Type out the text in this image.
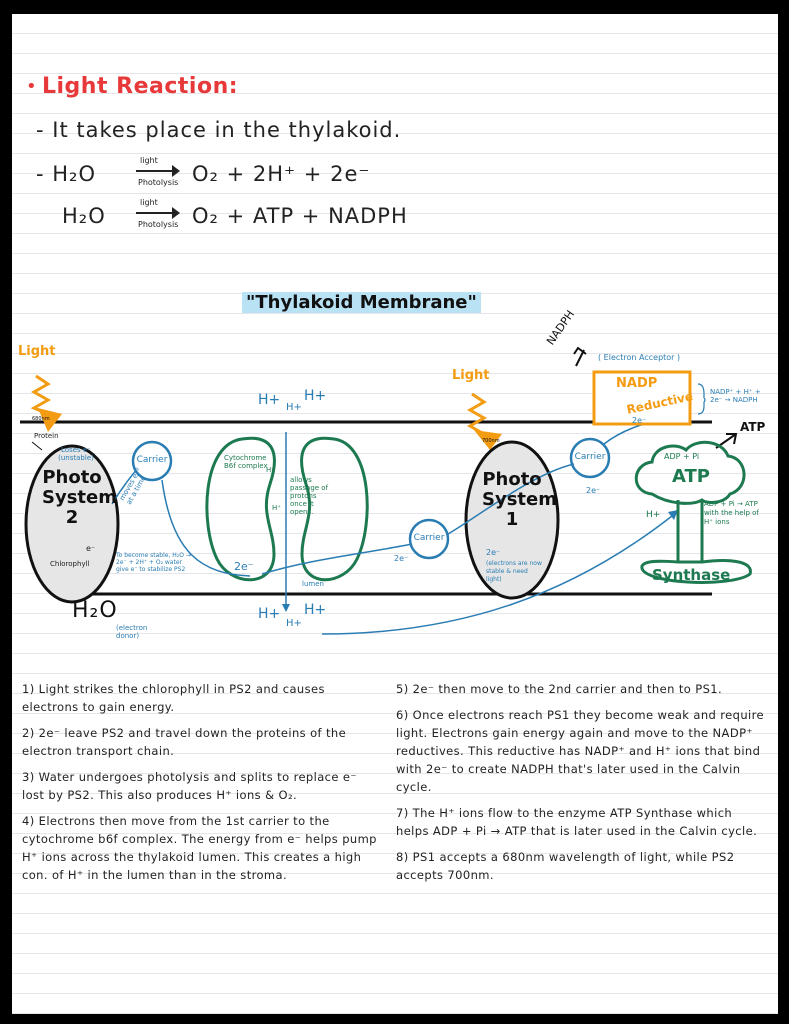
• Light Reaction:
- It takes place in the thylakoid.
- H₂O
light
Photolysis O₂ + 2H⁺ + 2e⁻
H₂O
light
Photolysis O₂ + ATP + NADPH
"Thylakoid Membrane"
Light
Light
680nm
700nm
Protein
Loses e⁻ (unstable)
Photo
System
2
e⁻
Chlorophyll
Photo
System
1
(electrons are now stable & need light)
Carrier
Carrier
Carrier
moves e⁻² at a time
To become stable, H₂O → 2e⁻ + 2H⁺ + O₂ water give e⁻ to stabilize PS2
Cytochrome B6f complex
allows passage of protons once it opens.
H⁺
H⁺
lumen
2e⁻
2e⁻
2e⁻
2e⁻
2e⁻
H+ H+
H+
H+
H+
H+
H₂O
(electron donor)
NADPH
( Electron Acceptor )
NADP
Reductive NADP⁺ + H⁺ + 2e⁻ → NADPH
ADP + Pi
ATP
ATP
ADP + Pi → ATP with the help of H⁺ ions
H+
Synthase
1) Light strikes the chlorophyll in PS2 and causes electrons to gain energy.
2) 2e⁻ leave PS2 and travel down the proteins of the electron transport chain.
3) Water undergoes photolysis and splits to replace e⁻ lost by PS2. This also produces H⁺ ions & O₂.
4) Electrons then move from the 1st carrier to the cytochrome b6f complex. The energy from e⁻ helps pump H⁺ ions across the thylakoid lumen. This creates a high con. of H⁺ in the lumen than in the stroma.
5) 2e⁻ then move to the 2nd carrier and then to PS1.
6) Once electrons reach PS1 they become weak and require light. Electrons gain energy again and move to the NADP⁺ reductives. This reductive has NADP⁺ and H⁺ ions that bind with 2e⁻ to create NADPH that's later used in the Calvin cycle.
7) The H⁺ ions flow to the enzyme ATP Synthase which helps ADP + Pi → ATP that is later used in the Calvin cycle.
8) PS1 accepts a 680nm wavelength of light, while PS2 accepts 700nm.
